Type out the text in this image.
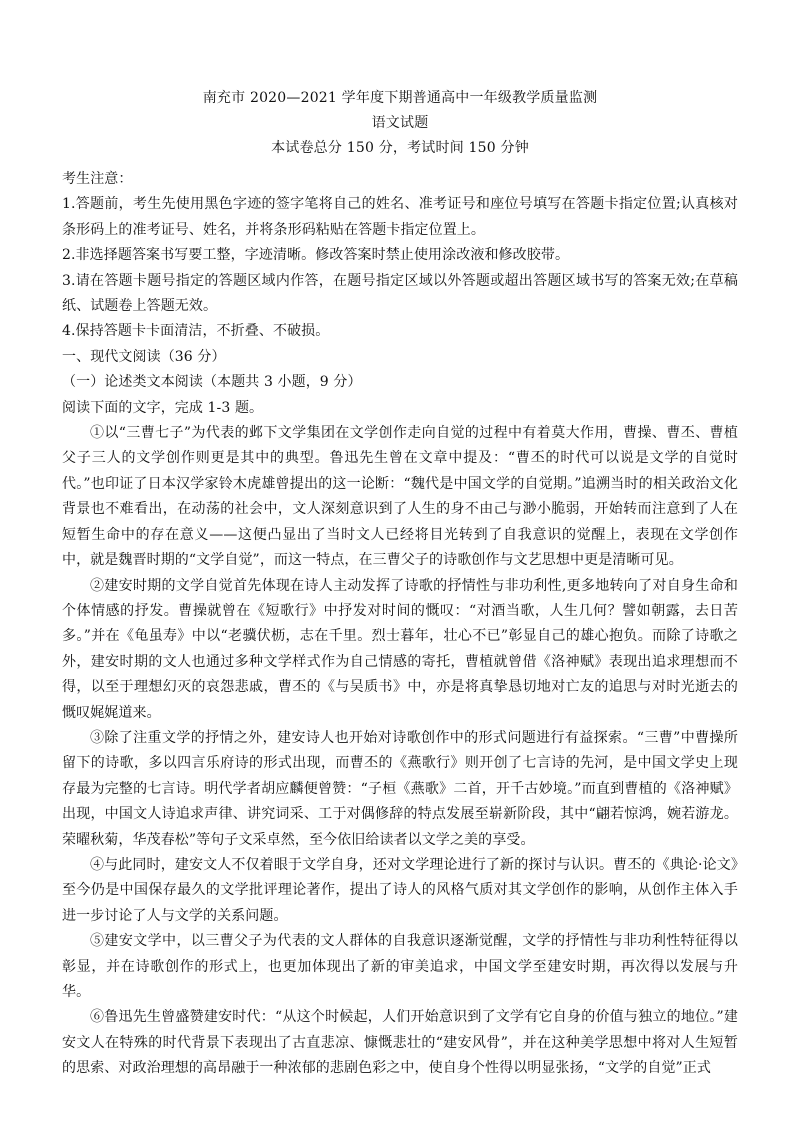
南充市 2020—2021 学年度下期普通高中一年级教学质量监测
语文试题
本试卷总分 150 分，考试时间 150 分钟

考生注意：

1.答题前，考生先使用黑色字迹的签字笔将自己的姓名、准考证号和座位号填写在答题卡指定位置;认真核对条形码上的准考证号、姓名，并将条形码粘贴在答题卡指定位置上。

2.非选择题答案书写要工整，字迹清晰。修改答案时禁止使用涂改液和修改胶带。

3.请在答题卡题号指定的答题区域内作答，在题号指定区域以外答题或超出答题区域书写的答案无效;在草稿纸、试题卷上答题无效。

4.保持答题卡卡面清洁，不折叠、不破损。

一、现代文阅读（36 分）

（一）论述类文本阅读（本题共 3 小题，9 分）

阅读下面的文字，完成 1-3 题。

①以“三曹七子”为代表的邺下文学集团在文学创作走向自觉的过程中有着莫大作用，曹操、曹丕、曹植父子三人的文学创作则更是其中的典型。鲁迅先生曾在文章中提及：“曹丕的时代可以说是文学的自觉时代。”也印证了日本汉学家铃木虎雄曾提出的这一论断：“魏代是中国文学的自觉期。”追溯当时的相关政治文化背景也不难看出，在动荡的社会中，文人深刻意识到了人生的身不由己与渺小脆弱，开始转而注意到了人在短暂生命中的存在意义——这便凸显出了当时文人已经将目光转到了自我意识的觉醒上，表现在文学创作中，就是魏晋时期的“文学自觉”，而这一特点，在三曹父子的诗歌创作与文艺思想中更是清晰可见。

②建安时期的文学自觉首先体现在诗人主动发挥了诗歌的抒情性与非功利性,更多地转向了对自身生命和个体情感的抒发。曹操就曾在《短歌行》中抒发对时间的慨叹：“对酒当歌，人生几何？譬如朝露，去日苦多。”并在《龟虽寿》中以“老骥伏枥，志在千里。烈士暮年，壮心不已”彰显自己的雄心抱负。而除了诗歌之外，建安时期的文人也通过多种文学样式作为自己情感的寄托，曹植就曾借《洛神赋》表现出追求理想而不得，以至于理想幻灭的哀怨悲戚，曹丕的《与吴质书》中，亦是将真挚恳切地对亡友的追思与对时光逝去的慨叹娓娓道来。

③除了注重文学的抒情之外，建安诗人也开始对诗歌创作中的形式问题进行有益探索。“三曹”中曹操所留下的诗歌，多以四言乐府诗的形式出现，而曹丕的《燕歌行》则开创了七言诗的先河，是中国文学史上现存最为完整的七言诗。明代学者胡应麟便曾赞：“子桓《燕歌》二首，开千古妙境。”而直到曹植的《洛神赋》出现，中国文人诗追求声律、讲究词采、工于对偶修辞的特点发展至崭新阶段，其中“翩若惊鸿，婉若游龙。荣曜秋菊，华茂春松”等句子文采卓然，至今依旧给读者以文学之美的享受。

④与此同时，建安文人不仅着眼于文学自身，还对文学理论进行了新的探讨与认识。曹丕的《典论·论文》至今仍是中国保存最久的文学批评理论著作，提出了诗人的风格气质对其文学创作的影响，从创作主体入手进一步讨论了人与文学的关系问题。

⑤建安文学中，以三曹父子为代表的文人群体的自我意识逐渐觉醒，文学的抒情性与非功利性特征得以彰显，并在诗歌创作的形式上，也更加体现出了新的审美追求，中国文学至建安时期，再次得以发展与升华。

⑥鲁迅先生曾盛赞建安时代：“从这个时候起，人们开始意识到了文学有它自身的价值与独立的地位。”建安文人在特殊的时代背景下表现出了古直悲凉、慷慨悲壮的“建安风骨”，并在这种美学思想中将对人生短暂的思索、对政治理想的高昂融于一种浓郁的悲剧色彩之中，使自身个性得以明显张扬，“文学的自觉”正式
